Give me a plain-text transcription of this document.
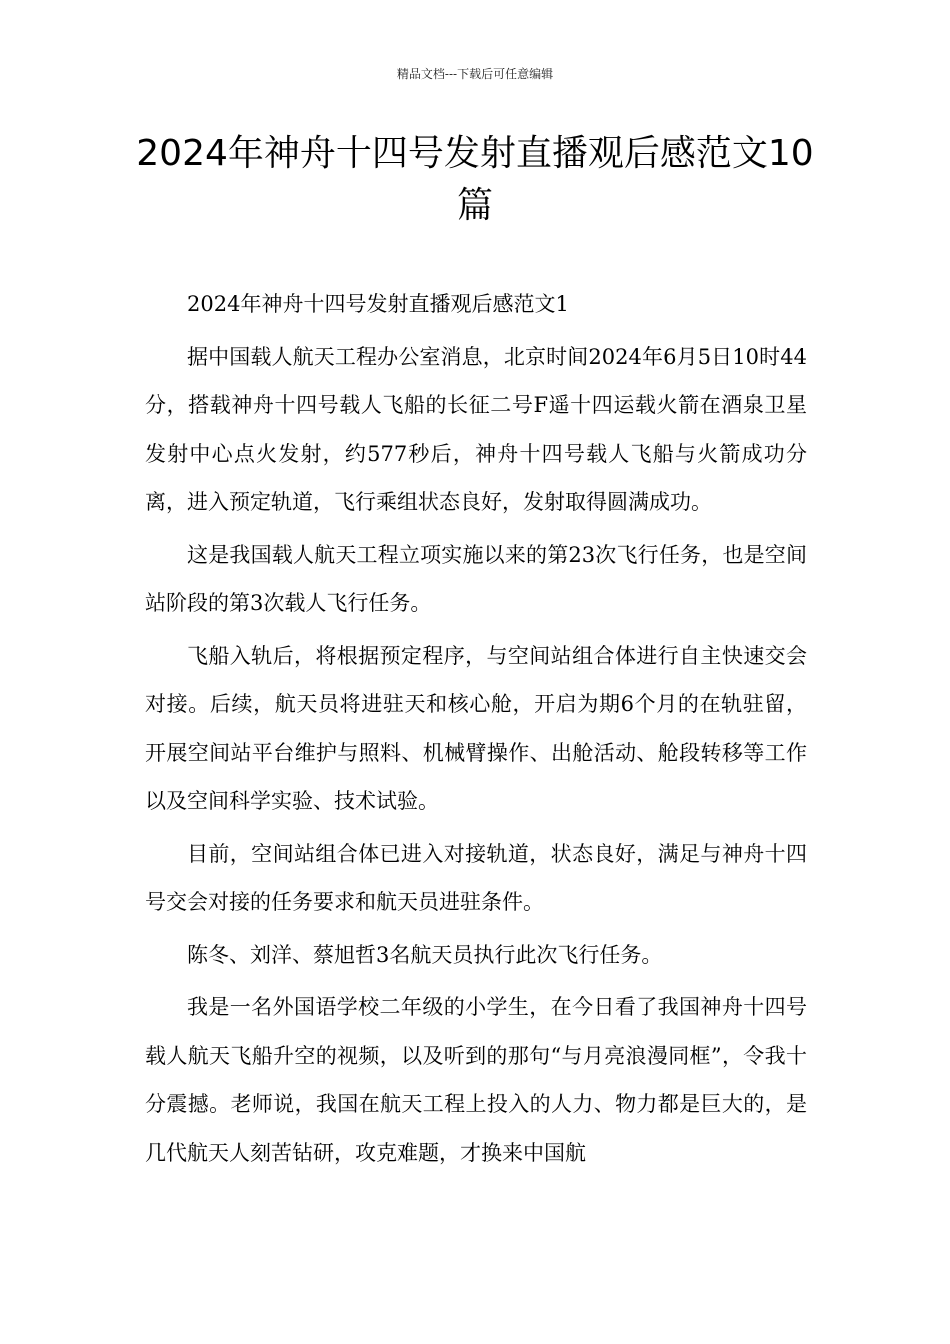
精品文档---下载后可任意编辑
2024年神舟十四号发射直播观后感范文10篇

2024年神舟十四号发射直播观后感范文1

据中国载人航天工程办公室消息，北京时间2024年6月5日10时44分，搭载神舟十四号载人飞船的长征二号F遥十四运载火箭在酒泉卫星发射中心点火发射，约577秒后，神舟十四号载人飞船与火箭成功分离，进入预定轨道，飞行乘组状态良好，发射取得圆满成功。

这是我国载人航天工程立项实施以来的第23次飞行任务，也是空间站阶段的第3次载人飞行任务。

飞船入轨后，将根据预定程序，与空间站组合体进行自主快速交会对接。后续，航天员将进驻天和核心舱，开启为期6个月的在轨驻留，开展空间站平台维护与照料、机械臂操作、出舱活动、舱段转移等工作以及空间科学实验、技术试验。

目前，空间站组合体已进入对接轨道，状态良好，满足与神舟十四号交会对接的任务要求和航天员进驻条件。

陈冬、刘洋、蔡旭哲3名航天员执行此次飞行任务。

我是一名外国语学校二年级的小学生，在今日看了我国神舟十四号载人航天飞船升空的视频，以及听到的那句“与月亮浪漫同框”，令我十分震撼。老师说，我国在航天工程上投入的人力、物力都是巨大的，是几代航天人刻苦钻研，攻克难题，才换来中国航
